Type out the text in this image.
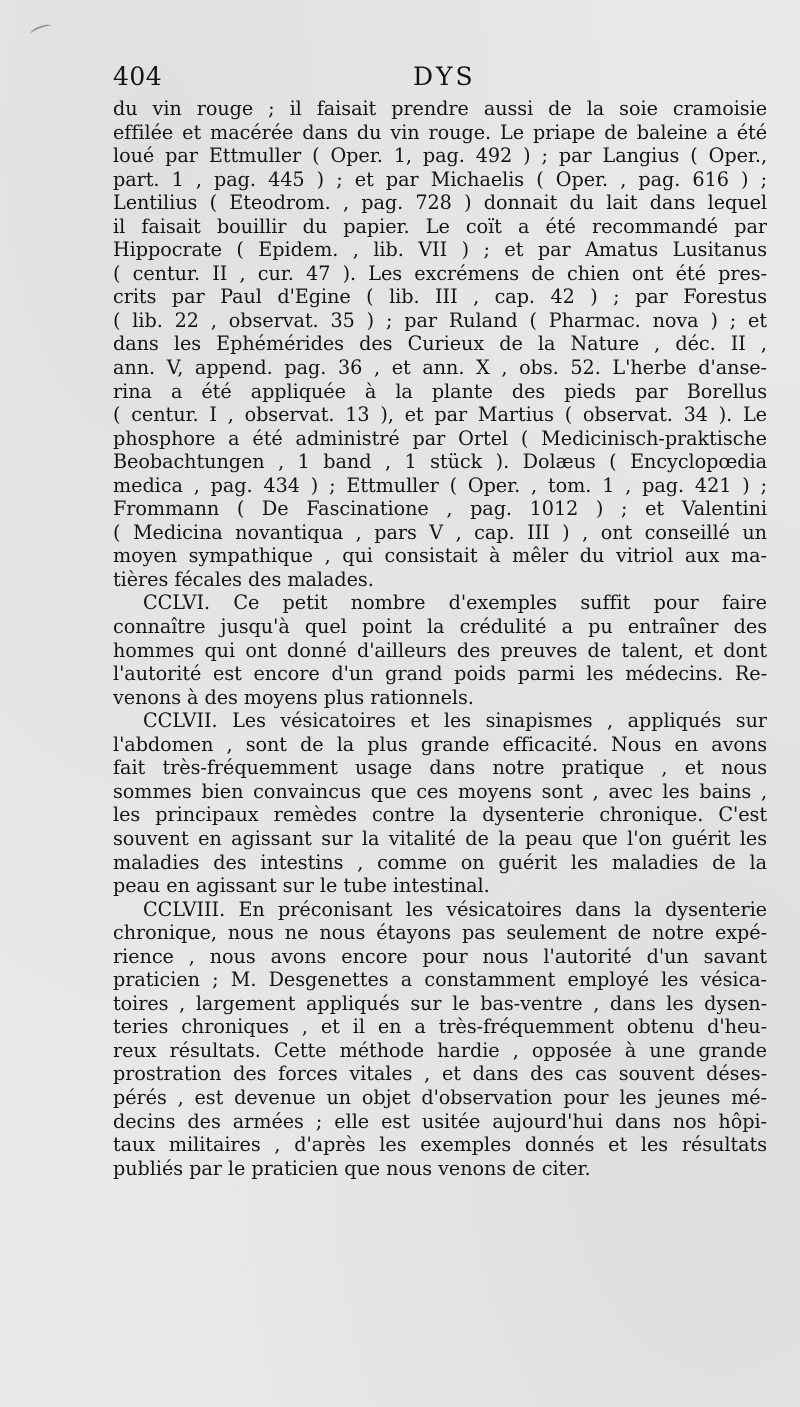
404	DYS
du vin rouge ; il faisait prendre aussi de la soie cramoisie
effilée et macérée dans du vin rouge. Le priape de baleine a été
loué par Ettmuller ( Oper. 1, pag. 492 ) ; par Langius ( Oper.,
part. 1 , pag. 445 ) ; et par Michaelis ( Oper. , pag. 616 ) ;
Lentilius ( Eteodrom. , pag. 728 ) donnait du lait dans lequel
il faisait bouillir du papier. Le coït a été recommandé par
Hippocrate ( Epidem. , lib. VII ) ; et par Amatus Lusitanus
( centur. II , cur. 47 ). Les excrémens de chien ont été pres-
crits par Paul d'Egine ( lib. III , cap. 42 ) ; par Forestus
( lib. 22 , observat. 35 ) ; par Ruland ( Pharmac. nova ) ; et
dans les Ephémérides des Curieux de la Nature , déc. II ,
ann. V, append. pag. 36 , et ann. X , obs. 52. L'herbe d'anse-
rina a été appliquée à la plante des pieds par Borellus
( centur. I , observat. 13 ), et par Martius ( observat. 34 ). Le
phosphore a été administré par Ortel ( Medicinisch-praktische
Beobachtungen , 1 band , 1 stück ). Dolæus ( Encyclopœdia
medica , pag. 434 ) ; Ettmuller ( Oper. , tom. 1 , pag. 421 ) ;
Frommann ( De Fascinatione , pag. 1012 ) ; et Valentini
( Medicina novantiqua , pars V , cap. III ) , ont conseillé un
moyen sympathique , qui consistait à mêler du vitriol aux ma-
tières fécales des malades.
CCLVI. Ce petit nombre d'exemples suffit pour faire
connaître jusqu'à quel point la crédulité a pu entraîner des
hommes qui ont donné d'ailleurs des preuves de talent, et dont
l'autorité est encore d'un grand poids parmi les médecins. Re-
venons à des moyens plus rationnels.
CCLVII. Les vésicatoires et les sinapismes , appliqués sur
l'abdomen , sont de la plus grande efficacité. Nous en avons
fait très-fréquemment usage dans notre pratique , et nous
sommes bien convaincus que ces moyens sont , avec les bains ,
les principaux remèdes contre la dysenterie chronique. C'est
souvent en agissant sur la vitalité de la peau que l'on guérit les
maladies des intestins , comme on guérit les maladies de la
peau en agissant sur le tube intestinal.
CCLVIII. En préconisant les vésicatoires dans la dysenterie
chronique, nous ne nous étayons pas seulement de notre expé-
rience , nous avons encore pour nous l'autorité d'un savant
praticien ; M. Desgenettes a constamment employé les vésica-
toires , largement appliqués sur le bas-ventre , dans les dysen-
teries chroniques , et il en a très-fréquemment obtenu d'heu-
reux résultats. Cette méthode hardie , opposée à une grande
prostration des forces vitales , et dans des cas souvent déses-
pérés , est devenue un objet d'observation pour les jeunes mé-
decins des armées ; elle est usitée aujourd'hui dans nos hôpi-
taux militaires , d'après les exemples donnés et les résultats
publiés par le praticien que nous venons de citer.
